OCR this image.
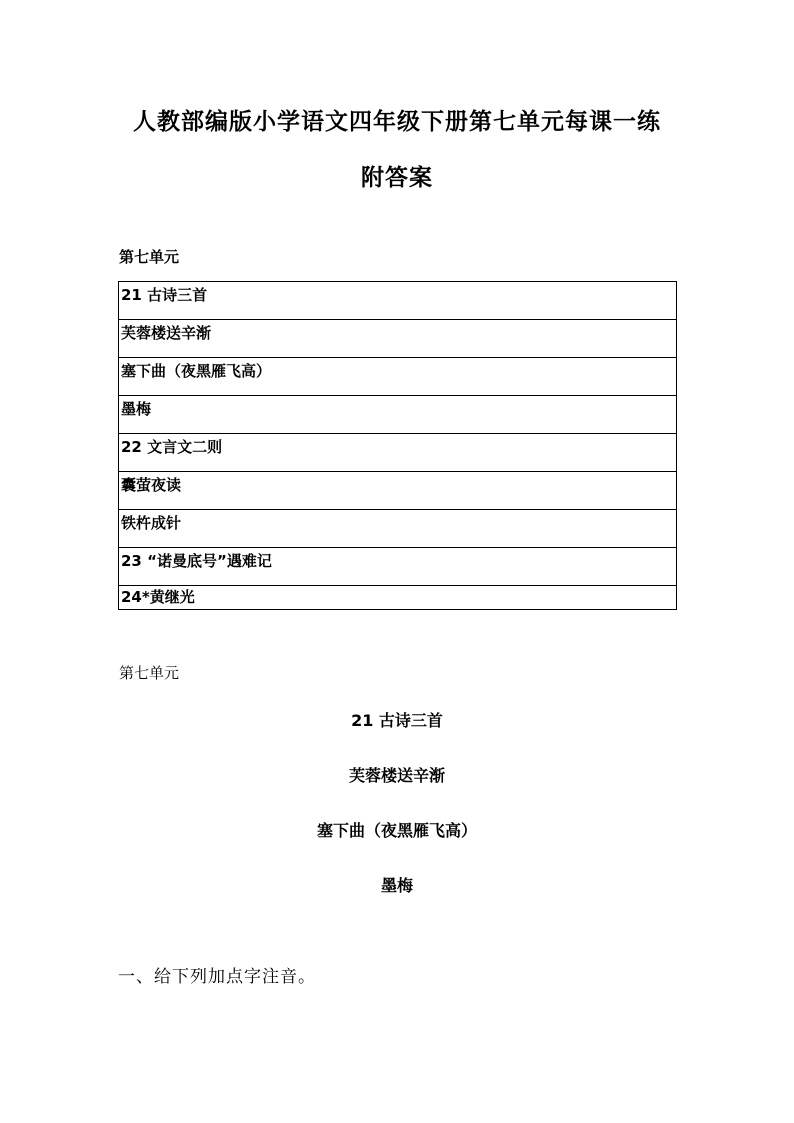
人教部编版小学语文四年级下册第七单元每课一练
附答案
第七单元
21 古诗三首
芙蓉楼送辛渐
塞下曲（夜黑雁飞高）
墨梅
22 文言文二则
囊萤夜读
铁杵成针
23 “诺曼底号”遇难记
24*黄继光
第七单元
21 古诗三首
芙蓉楼送辛渐
塞下曲（夜黑雁飞高）
墨梅
一、给下列加点字注音。
